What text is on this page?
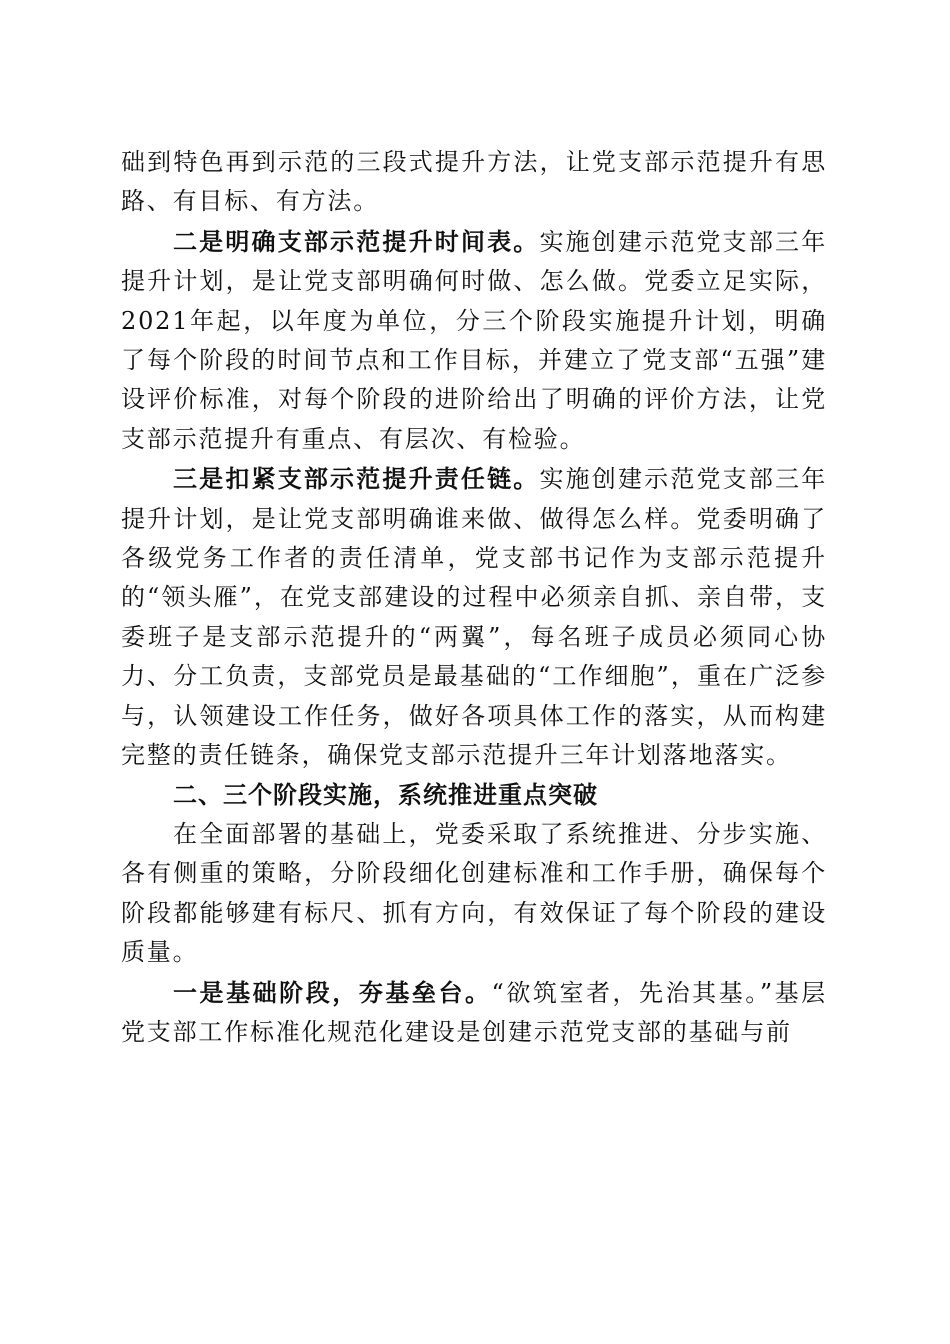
础到特色再到示范的三段式提升方法，让党支部示范提升有思路、有目标、有方法。

二是明确支部示范提升时间表。实施创建示范党支部三年提升计划，是让党支部明确何时做、怎么做。党委立足实际，2021年起，以年度为单位，分三个阶段实施提升计划，明确了每个阶段的时间节点和工作目标，并建立了党支部“五强”建设评价标准，对每个阶段的进阶给出了明确的评价方法，让党支部示范提升有重点、有层次、有检验。

三是扣紧支部示范提升责任链。实施创建示范党支部三年提升计划，是让党支部明确谁来做、做得怎么样。党委明确了各级党务工作者的责任清单，党支部书记作为支部示范提升的“领头雁”，在党支部建设的过程中必须亲自抓、亲自带，支委班子是支部示范提升的“两翼”，每名班子成员必须同心协力、分工负责，支部党员是最基础的“工作细胞”，重在广泛参与，认领建设工作任务，做好各项具体工作的落实，从而构建完整的责任链条，确保党支部示范提升三年计划落地落实。

二、三个阶段实施，系统推进重点突破

在全面部署的基础上，党委采取了系统推进、分步实施、各有侧重的策略，分阶段细化创建标准和工作手册，确保每个阶段都能够建有标尺、抓有方向，有效保证了每个阶段的建设质量。

一是基础阶段，夯基垒台。“欲筑室者，先治其基。”基层党支部工作标准化规范化建设是创建示范党支部的基础与前
